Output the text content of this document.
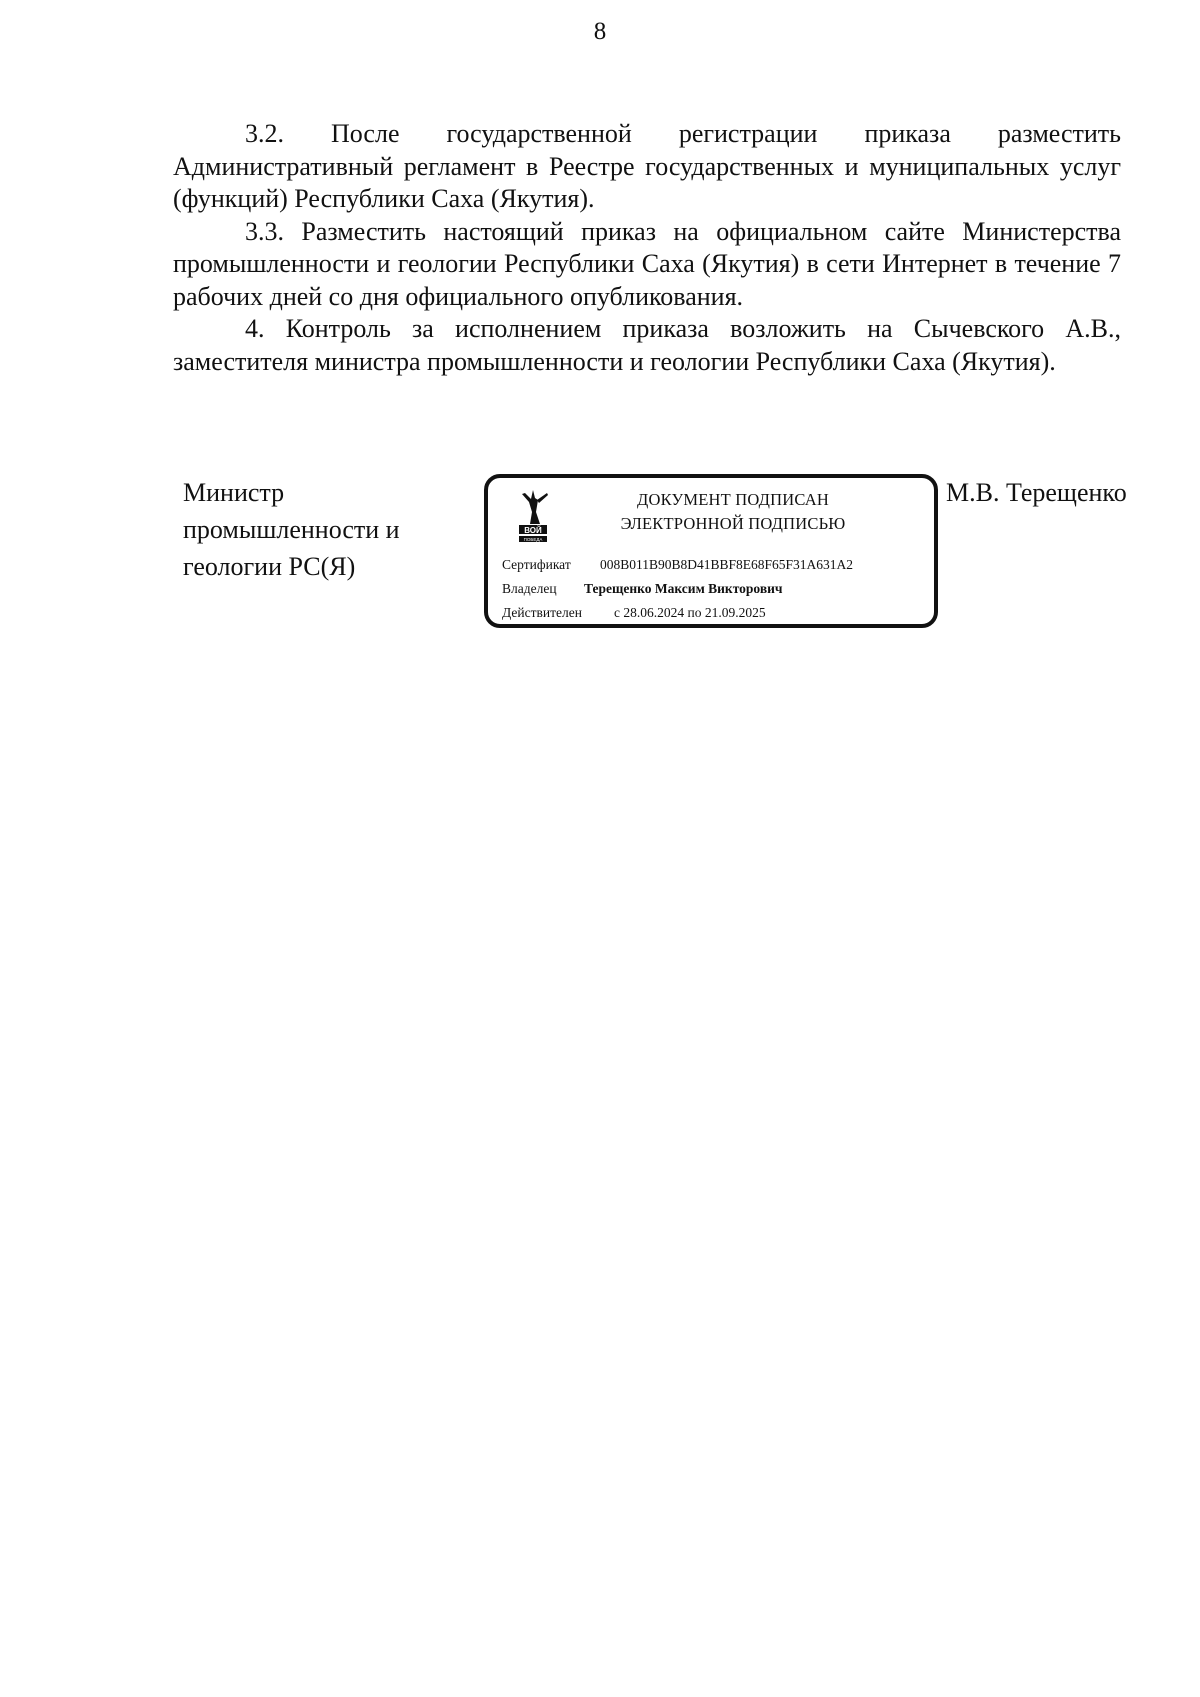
8

3.2. После государственной регистрации приказа разместить Административный регламент в Реестре государственных и муниципальных услуг (функций) Республики Саха (Якутия).

3.3. Разместить настоящий приказ на официальном сайте Министерства промышленности и геологии Республики Саха (Якутия) в сети Интернет в течение 7 рабочих дней со дня официального опубликования.

4. Контроль за исполнением приказа возложить на Сычевского А.В., заместителя министра промышленности и геологии Республики Саха (Якутия).

Министр
промышленности и
геологии РС(Я)
ВОЙ
ПОБЕДА
ДОКУМЕНТ ПОДПИСАН
ЭЛЕКТРОННОЙ ПОДПИСЬЮ
Сертификат 008B011B90B8D41BBF8E68F65F31A631A2
Владелец Терещенко Максим Викторович
Действителен с 28.06.2024 по 21.09.2025
М.В. Терещенко
